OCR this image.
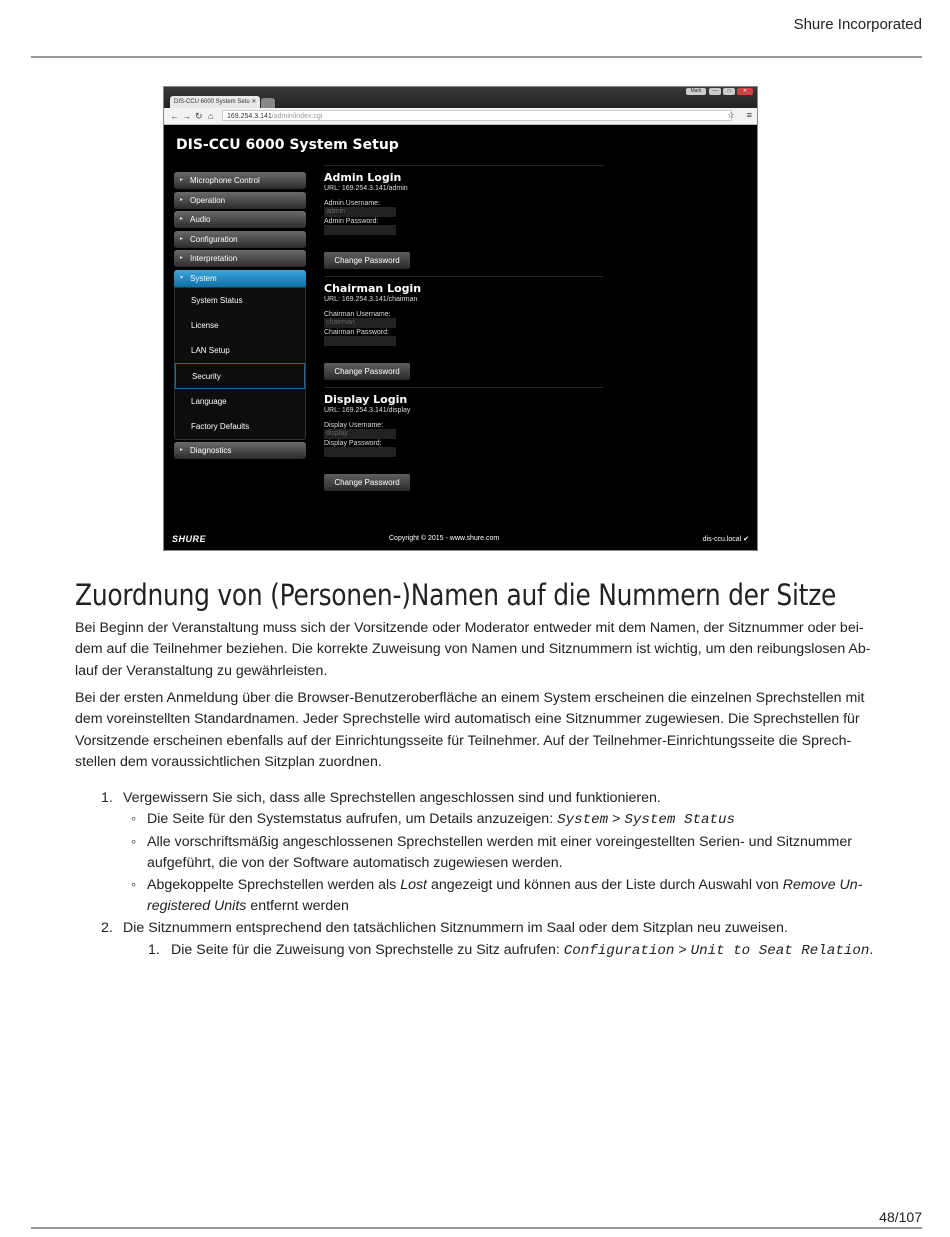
Shure Incorporated
DIS-CCU 6000 System Setu ✕
Mark	—	□	✕
← → ↻ ⌂	169.254.3.141/admin/index.cgi	☆ ≡
DIS-CCU 6000 System Setup
▸ Microphone Control
▸ Operation
▸ Audio
▸ Configuration
▸ Interpretation
▾ System
System Status
License
LAN Setup
Security
Language
Factory Defaults
▸ Diagnostics
Admin Login
URL: 169.254.3.141/admin
Admin Username:
admin
Admin Password:
Change Password
Chairman Login
URL: 169.254.3.141/chairman
Chairman Username:
chairman
Chairman Password:
Change Password
Display Login
URL: 169.254.3.141/display
Display Username:
display
Display Password:
Change Password
SHURE	Copyright © 2015 - www.shure.com	dis-ccu.local ✔
Zuordnung von (Personen-)Namen auf die Nummern der Sitze
Bei Beginn der Veranstaltung muss sich der Vorsitzende oder Moderator entweder mit dem Namen, der Sitznummer oder bei-
dem auf die Teilnehmer beziehen. Die korrekte Zuweisung von Namen und Sitznummern ist wichtig, um den reibungslosen Ab-
lauf der Veranstaltung zu gewährleisten.
Bei der ersten Anmeldung über die Browser-Benutzeroberfläche an einem System erscheinen die einzelnen Sprechstellen mit
dem voreinstellten Standardnamen. Jeder Sprechstelle wird automatisch eine Sitznummer zugewiesen. Die Sprechstellen für
Vorsitzende erscheinen ebenfalls auf der Einrichtungsseite für Teilnehmer. Auf der Teilnehmer-Einrichtungsseite die Sprech-
stellen dem voraussichtlichen Sitzplan zuordnen.
1. Vergewissern Sie sich, dass alle Sprechstellen angeschlossen sind und funktionieren.
◦ Die Seite für den Systemstatus aufrufen, um Details anzuzeigen: System > System Status
◦ Alle vorschriftsmäßig angeschlossenen Sprechstellen werden mit einer voreingestellten Serien- und Sitznummer
aufgeführt, die von der Software automatisch zugewiesen werden.
◦ Abgekoppelte Sprechstellen werden als Lost angezeigt und können aus der Liste durch Auswahl von Remove Un-
registered Units entfernt werden
2. Die Sitznummern entsprechend den tatsächlichen Sitznummern im Saal oder dem Sitzplan neu zuweisen.
1. Die Seite für die Zuweisung von Sprechstelle zu Sitz aufrufen: Configuration > Unit to Seat Relation.
48/107
